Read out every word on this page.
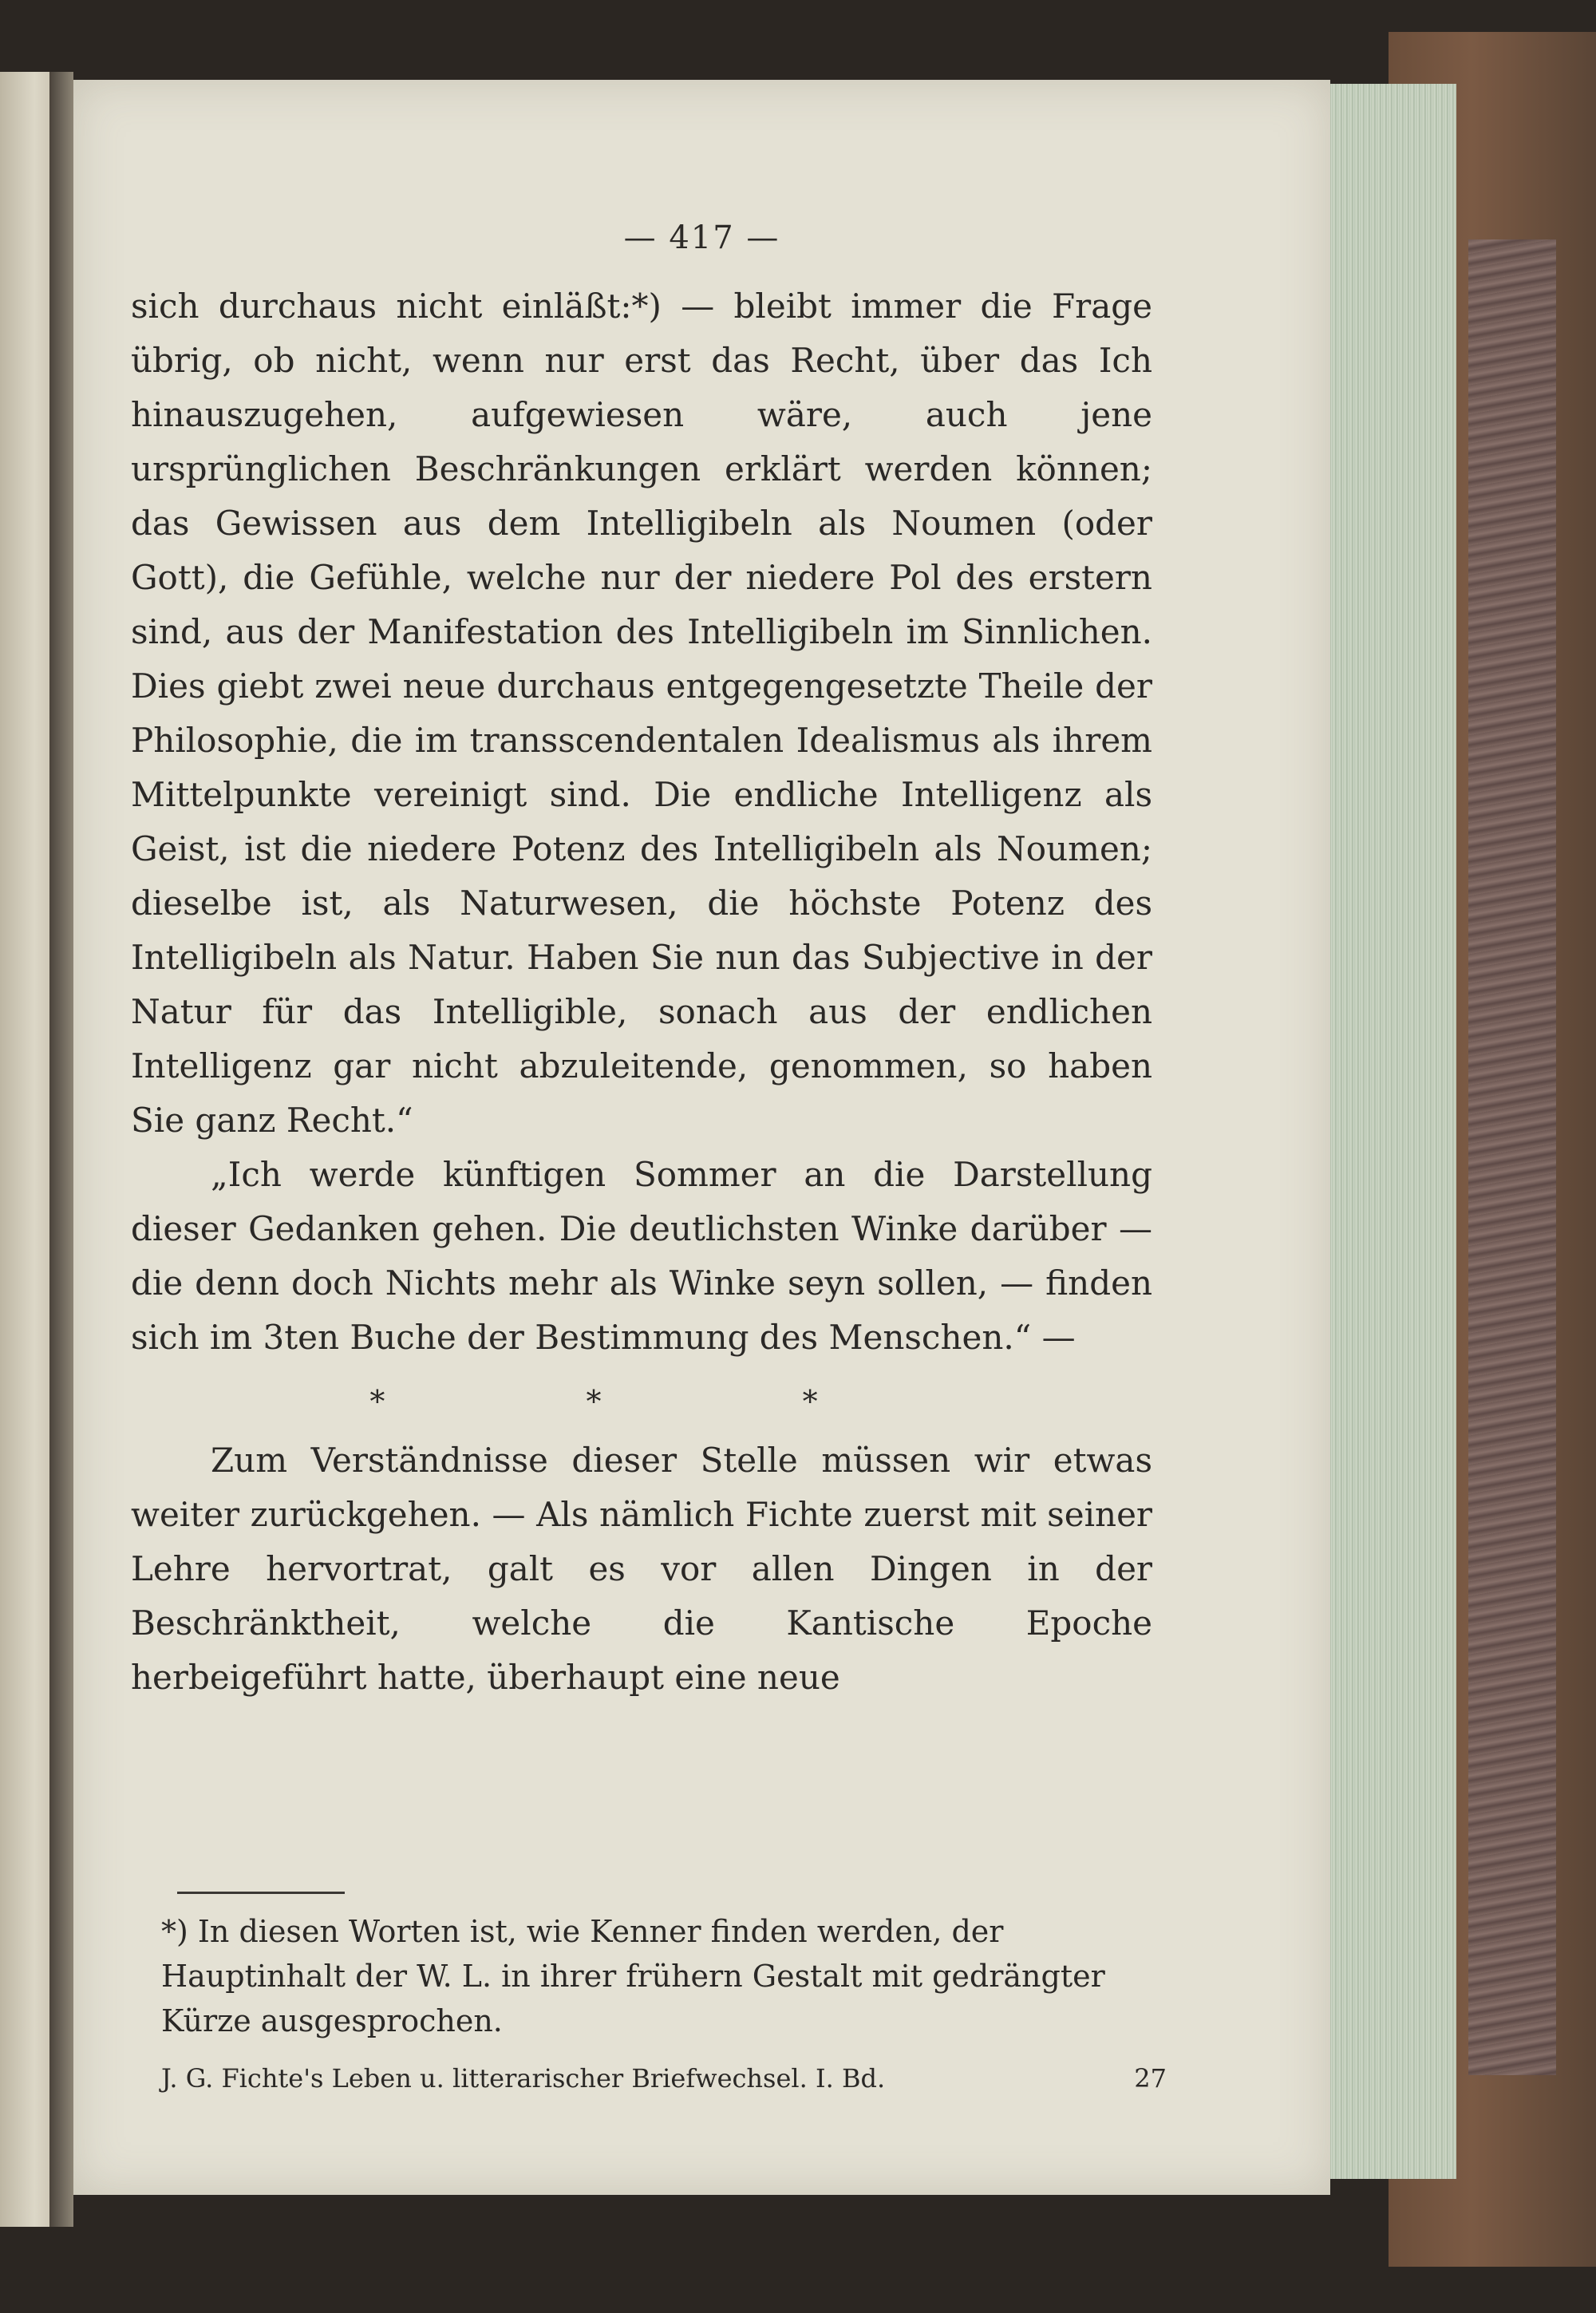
— 417 —

sich durchaus nicht einläßt:*) — bleibt immer die Frage übrig, ob nicht, wenn nur erst das Recht, über das Ich hinauszugehen, aufgewiesen wäre, auch jene ursprünglichen Beschränkungen erklärt werden können; das Gewissen aus dem Intelligibeln als Noumen (oder Gott), die Gefühle, welche nur der niedere Pol des erstern sind, aus der Manifestation des Intelligibeln im Sinnlichen. Dies giebt zwei neue durchaus entgegengesetzte Theile der Philosophie, die im transscendentalen Idealismus als ihrem Mittelpunkte vereinigt sind. Die endliche Intelligenz als Geist, ist die niedere Potenz des Intelligibeln als Noumen; dieselbe ist, als Naturwesen, die höchste Potenz des Intelligibeln als Natur. Haben Sie nun das Subjective in der Natur für das Intelligible, sonach aus der endlichen Intelligenz gar nicht abzuleitende, genommen, so haben Sie ganz Recht.“

„Ich werde künftigen Sommer an die Darstellung dieser Gedanken gehen. Die deutlichsten Winke darüber — die denn doch Nichts mehr als Winke seyn sollen, — finden sich im 3ten Buche der Bestimmung des Menschen.“ —

* * *

Zum Verständnisse dieser Stelle müssen wir etwas weiter zurückgehen. — Als nämlich Fichte zuerst mit seiner Lehre hervortrat, galt es vor allen Dingen in der Beschränktheit, welche die Kantische Epoche herbeigeführt hatte, überhaupt eine neue

*) In diesen Worten ist, wie Kenner finden werden, der Hauptinhalt der W. L. in ihrer frühern Gestalt mit gedrängter Kürze ausgesprochen.

J. G. Fichte's Leben u. litterarischer Briefwechsel. I. Bd.	27
